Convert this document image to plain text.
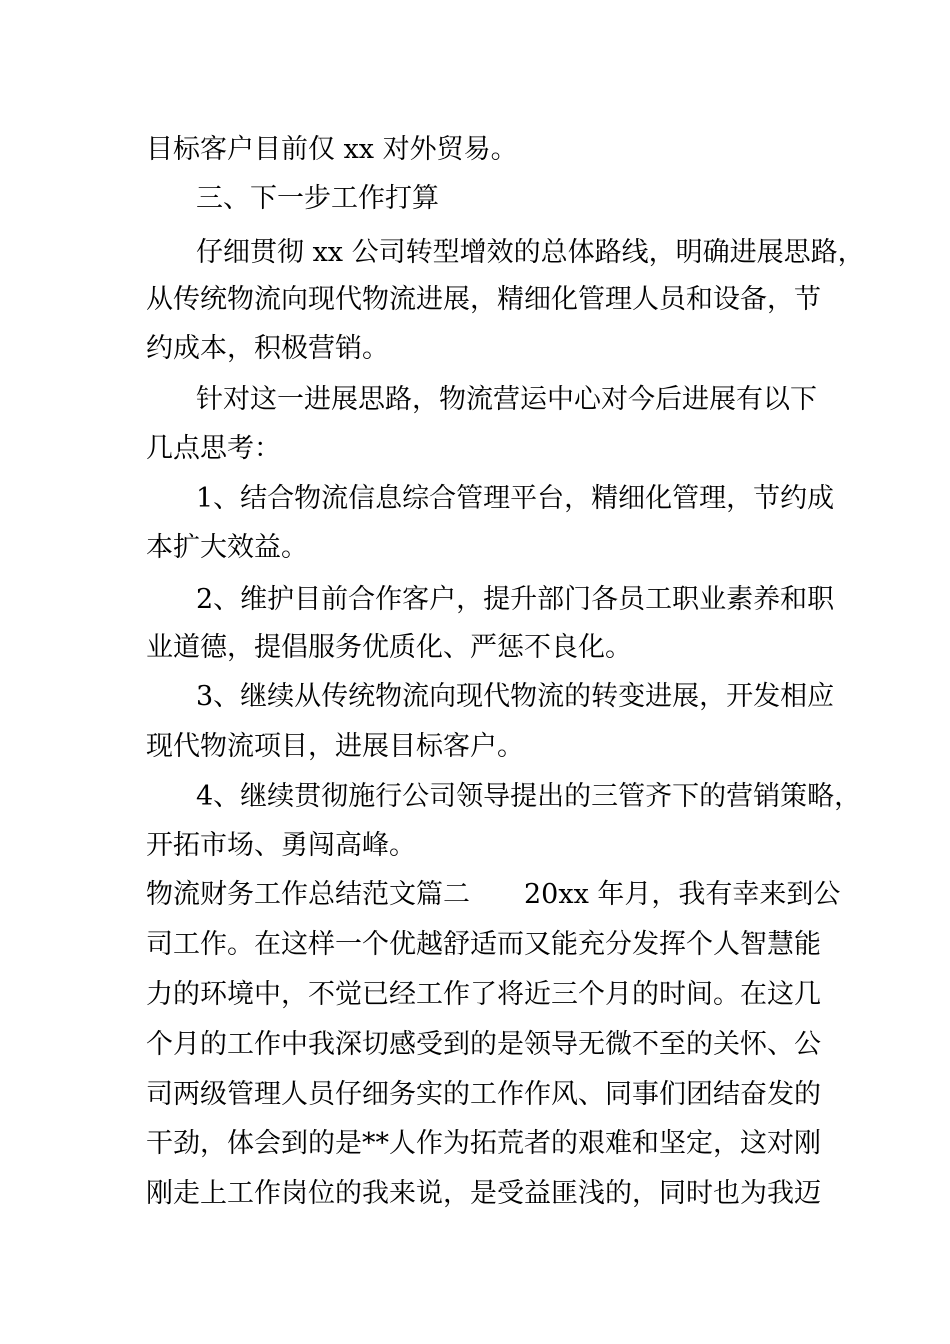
目标客户目前仅 xx 对外贸易。
三、下一步工作打算
仔细贯彻 xx 公司转型增效的总体路线，明确进展思路，
从传统物流向现代物流进展，精细化管理人员和设备，节
约成本，积极营销。
针对这一进展思路，物流营运中心对今后进展有以下
几点思考：
1、结合物流信息综合管理平台，精细化管理，节约成
本扩大效益。
2、维护目前合作客户，提升部门各员工职业素养和职
业道德，提倡服务优质化、严惩不良化。
3、继续从传统物流向现代物流的转变进展，开发相应
现代物流项目，进展目标客户。
4、继续贯彻施行公司领导提出的三管齐下的营销策略，
开拓市场、勇闯高峰。
物流财务工作总结范文篇二　　20xx 年月，我有幸来到公
司工作。在这样一个优越舒适而又能充分发挥个人智慧能
力的环境中，不觉已经工作了将近三个月的时间。在这几
个月的工作中我深切感受到的是领导无微不至的关怀、公
司两级管理人员仔细务实的工作作风、同事们团结奋发的
干劲，体会到的是**人作为拓荒者的艰难和坚定，这对刚
刚走上工作岗位的我来说，是受益匪浅的，同时也为我迈
